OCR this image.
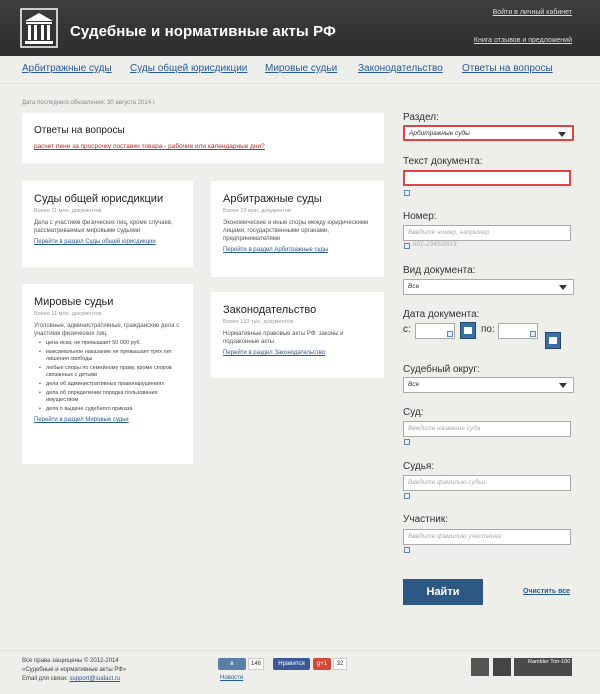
Судебные и нормативные акты РФ
Войти в личный кабинет
Книга отзывов и предложений
Арбитражные суды Суды общей юрисдикции Мировые судьи Законодательство Ответы на вопросы
Дата последнего обновления: 30 августа 2014 г.
Ответы на вопросы
расчет пени за просрочку поставки товара - рабочие или календарные дни?
Суды общей юрисдикции
Более 11 млн. документов
Дела с участием физических лиц, кроме случаев, рассматриваемых мировыми судьями
Перейти в раздел Суды общей юрисдикции
Арбитражные суды
Более 23 млн. документов
Экономические и иные споры между юридическими лицами, государственными органами, предпринимателями
Перейти в раздел Арбитражные суды
Мировые судьи
Более 11 млн. документов
Уголовные, административные, гражданские дела с участием физических лиц
• цена иска, не превышает 50 000 руб.
• максимальное наказание не превышает трех лет лишения свободы
• любые споры по семейному праву, кроме споров связанных с детьми
• дела об административных правонарушениях
• дела об определении порядка пользования имуществом
• дела о выдаче судебного приказа
Перейти в раздел Мировые судьи
Законодательство
Более 153 тыс. документов
Нормативные правовые акты РФ: законы и подзаконные акты
Перейти в раздел Законодательство
Раздел:
Арбитражные суды
Текст документа:
Номер:
Введите номер, например
А01-2345/2013
Вид документа:
Все
Дата документа:
с:	по:
Судебный округ:
Все
Суд:
Введите название суда
Судья:
Введите фамилию судьи
Участник:
Введите фамилию участника
Найти	Очистить все
Все права защищены © 2012-2014
«Судебные и нормативные акты РФ»
Email для связи: support@sudact.ru
в	146	Нравится	g+1	32
Новости
Rambler Топ-100
